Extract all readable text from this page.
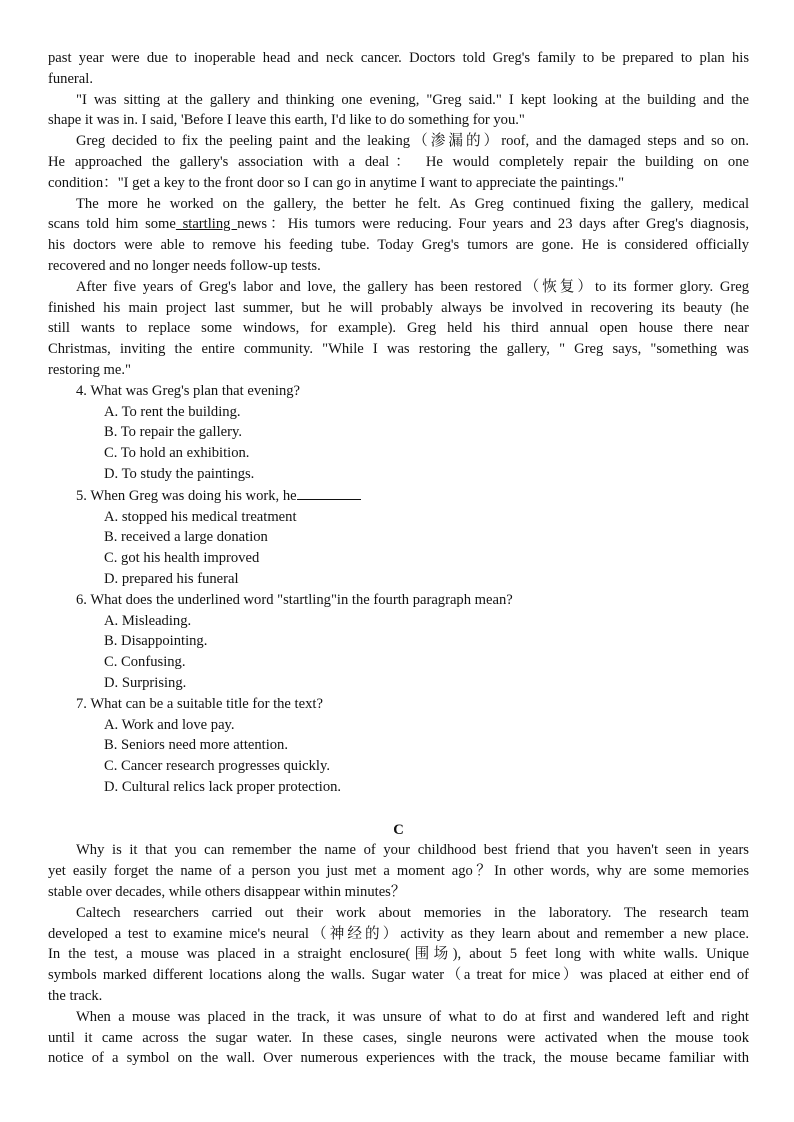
past year were due to inoperable head and neck cancer. Doctors told Greg's family to be prepared to plan his
funeral.
"I was sitting at the gallery and thinking one evening, "Greg said." I kept looking at the building and the
shape it was in. I said, 'Before I leave this earth, I'd like to do something for you."
Greg decided to fix the peeling paint and the leaking（渗漏的）roof, and the damaged steps and so on.
He approached the gallery's association with a deal： He would completely repair the building on one
condition："I get a key to the front door so I can go in anytime I want to appreciate the paintings."
The more he worked on the gallery, the better he felt. As Greg continued fixing the gallery, medical
scans told him some startling news：His tumors were reducing. Four years and 23 days after Greg's diagnosis,
his doctors were able to remove his feeding tube. Today Greg's tumors are gone. He is considered officially
recovered and no longer needs follow-up tests.
After five years of Greg's labor and love, the gallery has been restored（恢复）to its former glory. Greg
finished his main project last summer, but he will probably always be involved in recovering its beauty (he
still wants to replace some windows, for example). Greg held his third annual open house there near
Christmas, inviting the entire community. "While I was restoring the gallery, " Greg says, "something was
restoring me."
4. What was Greg's plan that evening?
A. To rent the building.
B. To repair the gallery.
C. To hold an exhibition.
D. To study the paintings.
5. When Greg was doing his work, he
A. stopped his medical treatment
B. received a large donation
C. got his health improved
D. prepared his funeral
6. What does the underlined word "startling"in the fourth paragraph mean?
A. Misleading.
B. Disappointing.
C. Confusing.
D. Surprising.
7. What can be a suitable title for the text?
A. Work and love pay.
B. Seniors need more attention.
C. Cancer research progresses quickly.
D. Cultural relics lack proper protection.
C
Why is it that you can remember the name of your childhood best friend that you haven't seen in years
yet easily forget the name of a person you just met a moment ago？In other words, why are some memories
stable over decades, while others disappear within minutes？
Caltech researchers carried out their work about memories in the laboratory. The research team
developed a test to examine mice's neural（神经的）activity as they learn about and remember a new place.
In the test, a mouse was placed in a straight enclosure(围场), about 5 feet long with white walls. Unique
symbols marked different locations along the walls. Sugar water（a treat for mice）was placed at either end of
the track.
When a mouse was placed in the track, it was unsure of what to do at first and wandered left and right
until it came across the sugar water. In these cases, single neurons were activated when the mouse took
notice of a symbol on the wall. Over numerous experiences with the track, the mouse became familiar with
